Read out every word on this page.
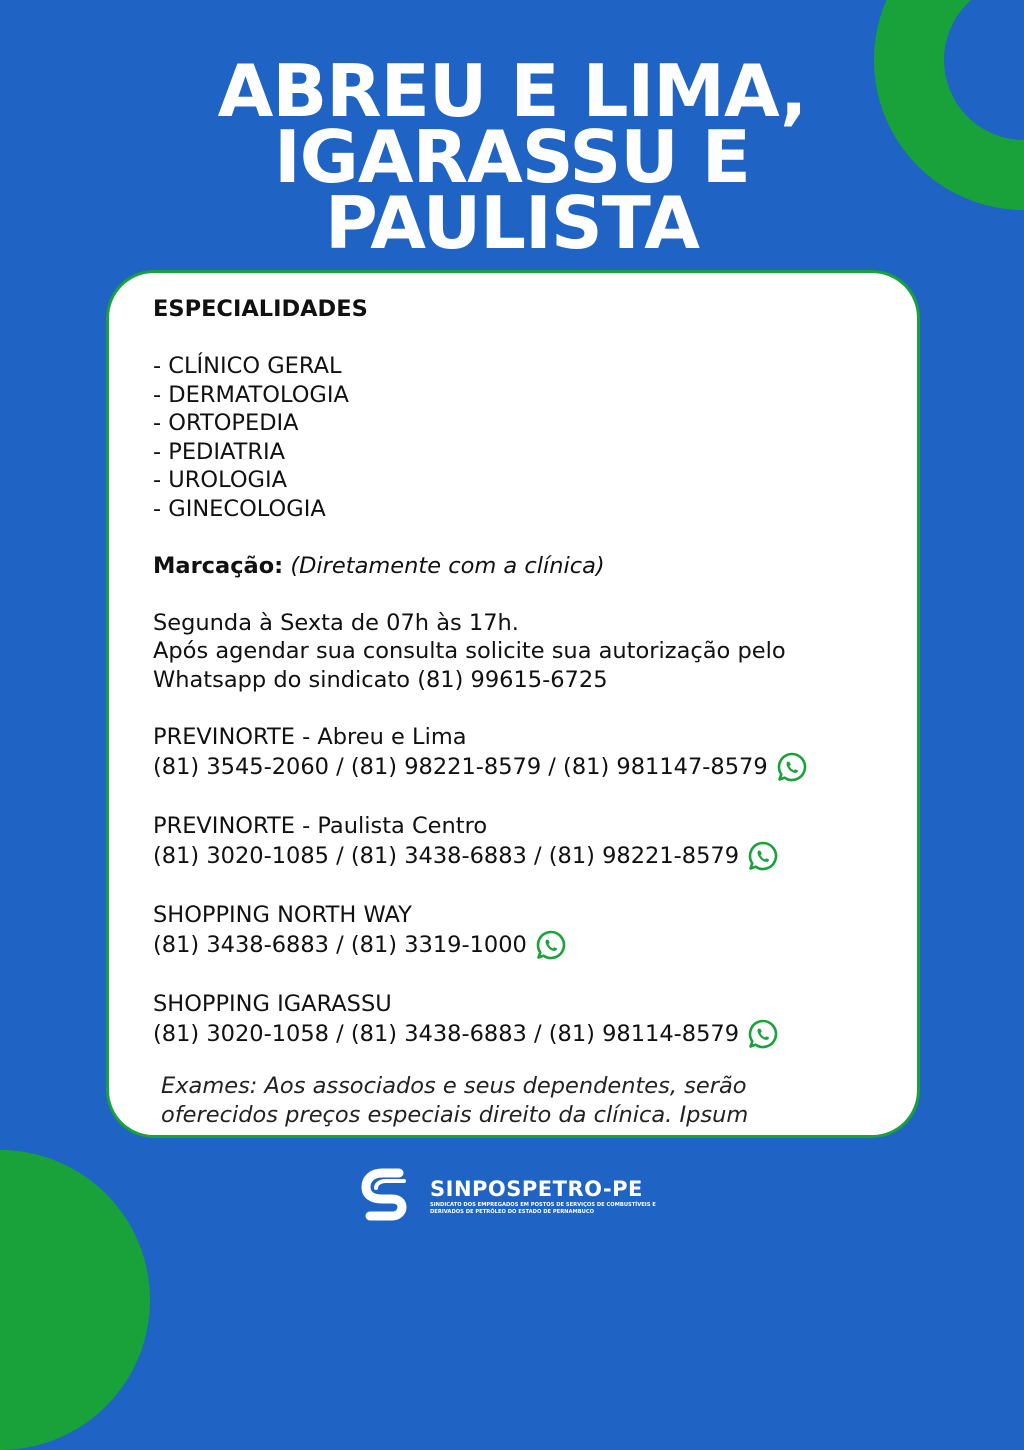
ABREU E LIMA,
IGARASSU E
PAULISTA

ESPECIALIDADES

- CLÍNICO GERAL
- DERMATOLOGIA
- ORTOPEDIA
- PEDIATRIA
- UROLOGIA
- GINECOLOGIA
Marcação: (Diretamente com a clínica)
Segunda à Sexta de 07h às 17h.
Após agendar sua consulta solicite sua autorização pelo
Whatsapp do sindicato (81) 99615-6725
PREVINORTE - Abreu e Lima
(81) 3545-2060 / (81) 98221-8579 / (81) 981147-8579
PREVINORTE - Paulista Centro
(81) 3020-1085 / (81) 3438-6883 / (81) 98221-8579
SHOPPING NORTH WAY
(81) 3438-6883 / (81) 3319-1000
SHOPPING IGARASSU
(81) 3020-1058 / (81) 3438-6883 / (81) 98114-8579
Exames: Aos associados e seus dependentes, serão
oferecidos preços especiais direito da clínica. Ipsum
SINPOSPETRO-PE
SINDICATO DOS EMPREGADOS EM POSTOS DE SERVIÇOS DE COMBUSTÍVEIS E
DERIVADOS DE PETRÓLEO DO ESTADO DE PERNAMBUCO
